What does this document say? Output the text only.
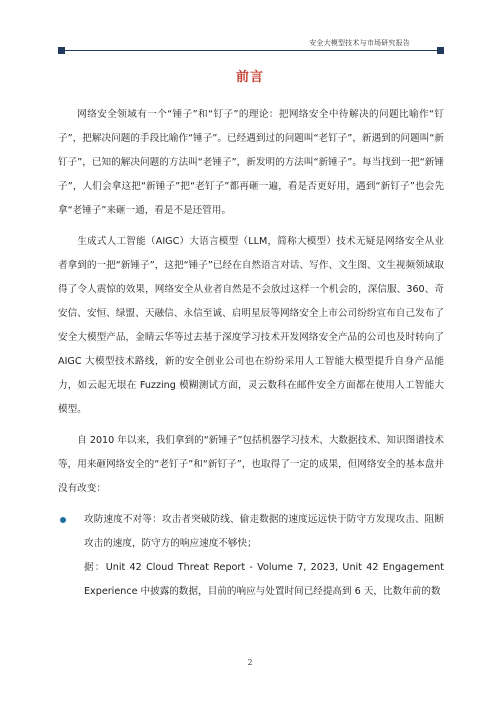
安全大模型技术与市场研究报告
前言

网络安全领域有一个“锤子”和“钉子”的理论：把网络安全中待解决的问题比喻作“钉子”，把解决问题的手段比喻作“锤子”。已经遇到过的问题叫“老钉子”，新遇到的问题叫“新钉子”，已知的解决问题的方法叫“老锤子”，新发明的方法叫“新锤子”。每当找到一把“新锤子”，人们会拿这把“新锤子”把“老钉子”都再砸一遍，看是否更好用，遇到“新钉子”也会先拿“老锤子”来砸一通，看是不是还管用。

生成式人工智能（AIGC）大语言模型（LLM，简称大模型）技术无疑是网络安全从业者拿到的一把“新锤子”，这把“锤子”已经在自然语言对话、写作、文生图、文生视频领域取得了令人震惊的效果，网络安全从业者自然是不会放过这样一个机会的，深信服、360、奇安信、安恒、绿盟、天融信、永信至诚、启明星辰等网络安全上市公司纷纷宣布自己发布了安全大模型产品，金睛云华等过去基于深度学习技术开发网络安全产品的公司也及时转向了 AIGC 大模型技术路线，新的安全创业公司也在纷纷采用人工智能大模型提升自身产品能力，如云起无垠在 Fuzzing 模糊测试方面，灵云数科在邮件安全方面都在使用人工智能大模型。

自 2010 年以来，我们拿到的“新锤子”包括机器学习技术、大数据技术、知识图谱技术等，用来砸网络安全的“老钉子”和“新钉子”，也取得了一定的成果，但网络安全的基本盘并没有改变：

攻防速度不对等：攻击者突破防线、偷走数据的速度远远快于防守方发现攻击、阻断攻击的速度，防守方的响应速度不够快；

据：Unit 42 Cloud Threat Report - Volume 7, 2023, Unit 42 Engagement Experience 中披露的数据，目前的响应与处置时间已经提高到 6 天，比数年前的数

2
